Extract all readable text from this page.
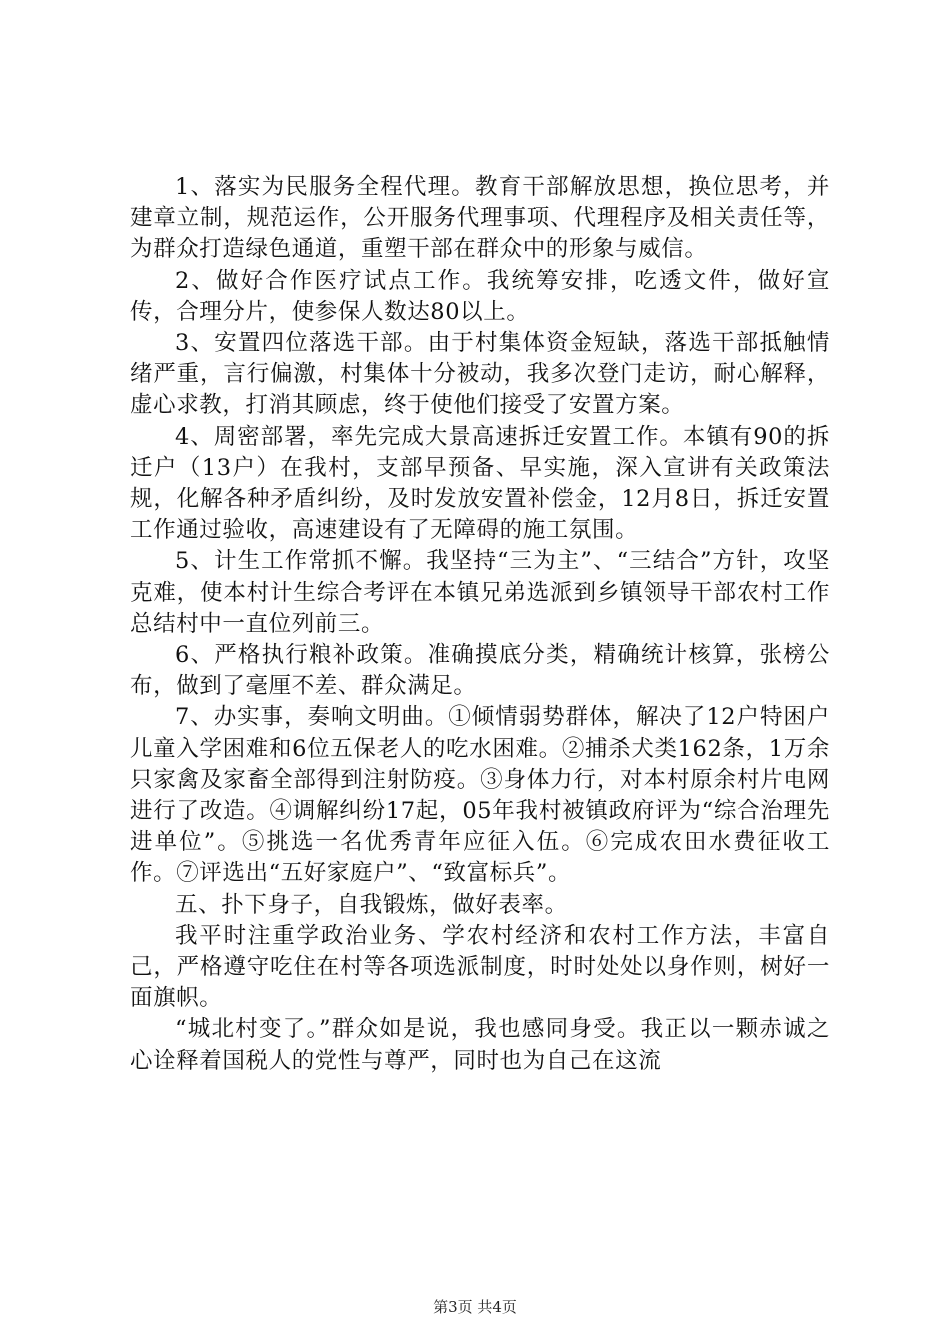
1、落实为民服务全程代理。教育干部解放思想，换位思考，并建章立制，规范运作，公开服务代理事项、代理程序及相关责任等，为群众打造绿色通道，重塑干部在群众中的形象与威信。

2、做好合作医疗试点工作。我统筹安排，吃透文件，做好宣传，合理分片，使参保人数达80以上。

3、安置四位落选干部。由于村集体资金短缺，落选干部抵触情绪严重，言行偏激，村集体十分被动，我多次登门走访，耐心解释，虚心求教，打消其顾虑，终于使他们接受了安置方案。

4、周密部署，率先完成大景高速拆迁安置工作。本镇有90的拆迁户（13户）在我村，支部早预备、早实施，深入宣讲有关政策法规，化解各种矛盾纠纷，及时发放安置补偿金，12月8日，拆迁安置工作通过验收，高速建设有了无障碍的施工氛围。

5、计生工作常抓不懈。我坚持“三为主”、“三结合”方针，攻坚克难，使本村计生综合考评在本镇兄弟选派到乡镇领导干部农村工作总结村中一直位列前三。

6、严格执行粮补政策。准确摸底分类，精确统计核算，张榜公布，做到了毫厘不差、群众满足。

7、办实事，奏响文明曲。①倾情弱势群体，解决了12户特困户儿童入学困难和6位五保老人的吃水困难。②捕杀犬类162条，1万余只家禽及家畜全部得到注射防疫。③身体力行，对本村原余村片电网进行了改造。④调解纠纷17起，05年我村被镇政府评为“综合治理先进单位”。⑤挑选一名优秀青年应征入伍。⑥完成农田水费征收工作。⑦评选出“五好家庭户”、“致富标兵”。

五、扑下身子，自我锻炼，做好表率。

我平时注重学政治业务、学农村经济和农村工作方法，丰富自己，严格遵守吃住在村等各项选派制度，时时处处以身作则，树好一面旗帜。

“城北村变了。”群众如是说，我也感同身受。我正以一颗赤诚之心诠释着国税人的党性与尊严，同时也为自己在这流

第3页 共4页
